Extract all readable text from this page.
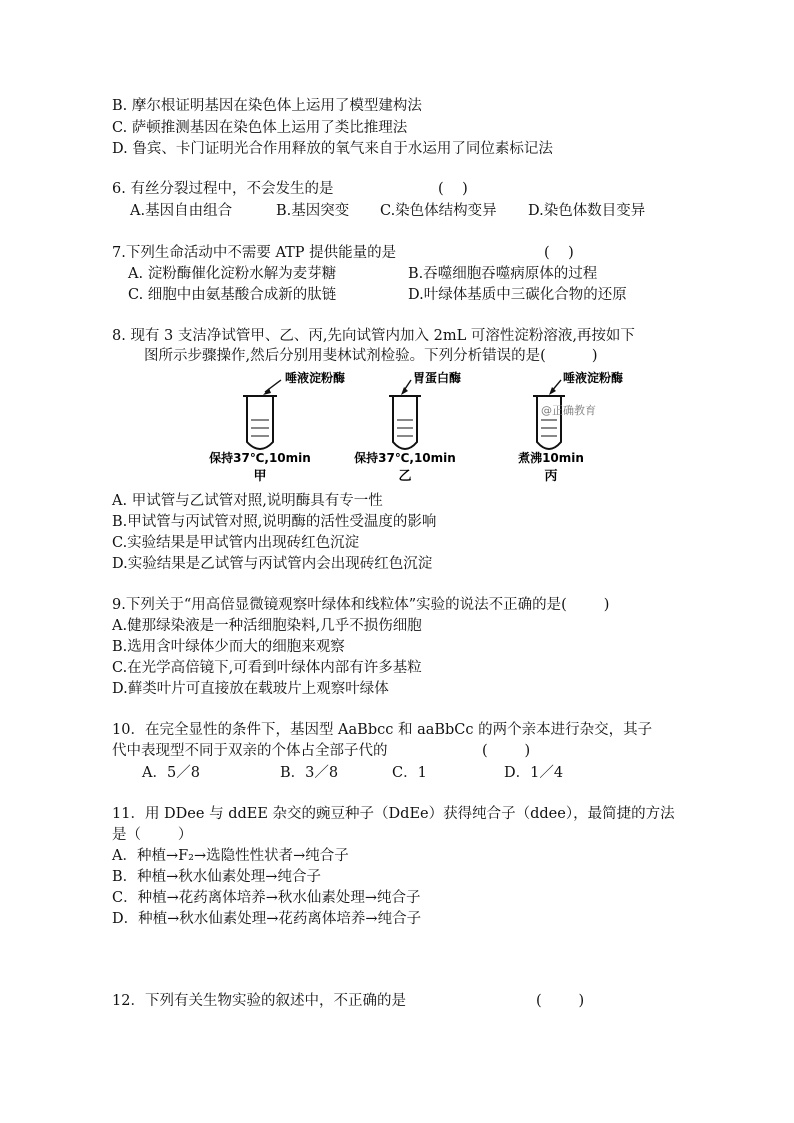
B. 摩尔根证明基因在染色体上运用了模型建构法
C. 萨顿推测基因在染色体上运用了类比推理法
D. 鲁宾、卡门证明光合作用释放的氧气来自于水运用了同位素标记法
6. 有丝分裂过程中，不会发生的是	(    )
A.基因自由组合	B.基因突变 C.染色体结构变异 D.染色体数目变异
7.下列生命活动中不需要 ATP 提供能量的是	(    )
A. 淀粉酶催化淀粉水解为麦芽糖	B.吞噬细胞吞噬病原体的过程
C. 细胞中由氨基酸合成新的肽链	D.叶绿体基质中三碳化合物的还原
8. 现有 3 支洁净试管甲、乙、丙,先向试管内加入 2mL 可溶性淀粉溶液,再按如下
图所示步骤操作,然后分别用斐林试剂检验。下列分析错误的是(          )
唾液淀粉酶
保持37℃,10min
甲
胃蛋白酶
保持37℃,10min
乙
唾液淀粉酶
@正确教育
煮沸10min
丙
A. 甲试管与乙试管对照,说明酶具有专一性
B.甲试管与丙试管对照,说明酶的活性受温度的影响
C.实验结果是甲试管内出现砖红色沉淀
D.实验结果是乙试管与丙试管内会出现砖红色沉淀
9.下列关于“用高倍显微镜观察叶绿体和线粒体”实验的说法不正确的是(        )
A.健那绿染液是一种活细胞染料,几乎不损伤细胞
B.选用含叶绿体少而大的细胞来观察
C.在光学高倍镜下,可看到叶绿体内部有许多基粒
D.藓类叶片可直接放在载玻片上观察叶绿体
10．在完全显性的条件下，基因型 AaBbcc 和 aaBbCc 的两个亲本进行杂交，其子
代中表现型不同于双亲的个体占全部子代的	(        )
A．5／8	B．3／8	C．1	D．1／4
11．用 DDee 与 ddEE 杂交的豌豆种子（DdEe）获得纯合子（ddee），最简捷的方法
是（        ）
A．种植→F₂→选隐性性状者→纯合子
B．种植→秋水仙素处理→纯合子
C．种植→花药离体培养→秋水仙素处理→纯合子
D．种植→秋水仙素处理→花药离体培养→纯合子
12．下列有关生物实验的叙述中，不正确的是	(        )
